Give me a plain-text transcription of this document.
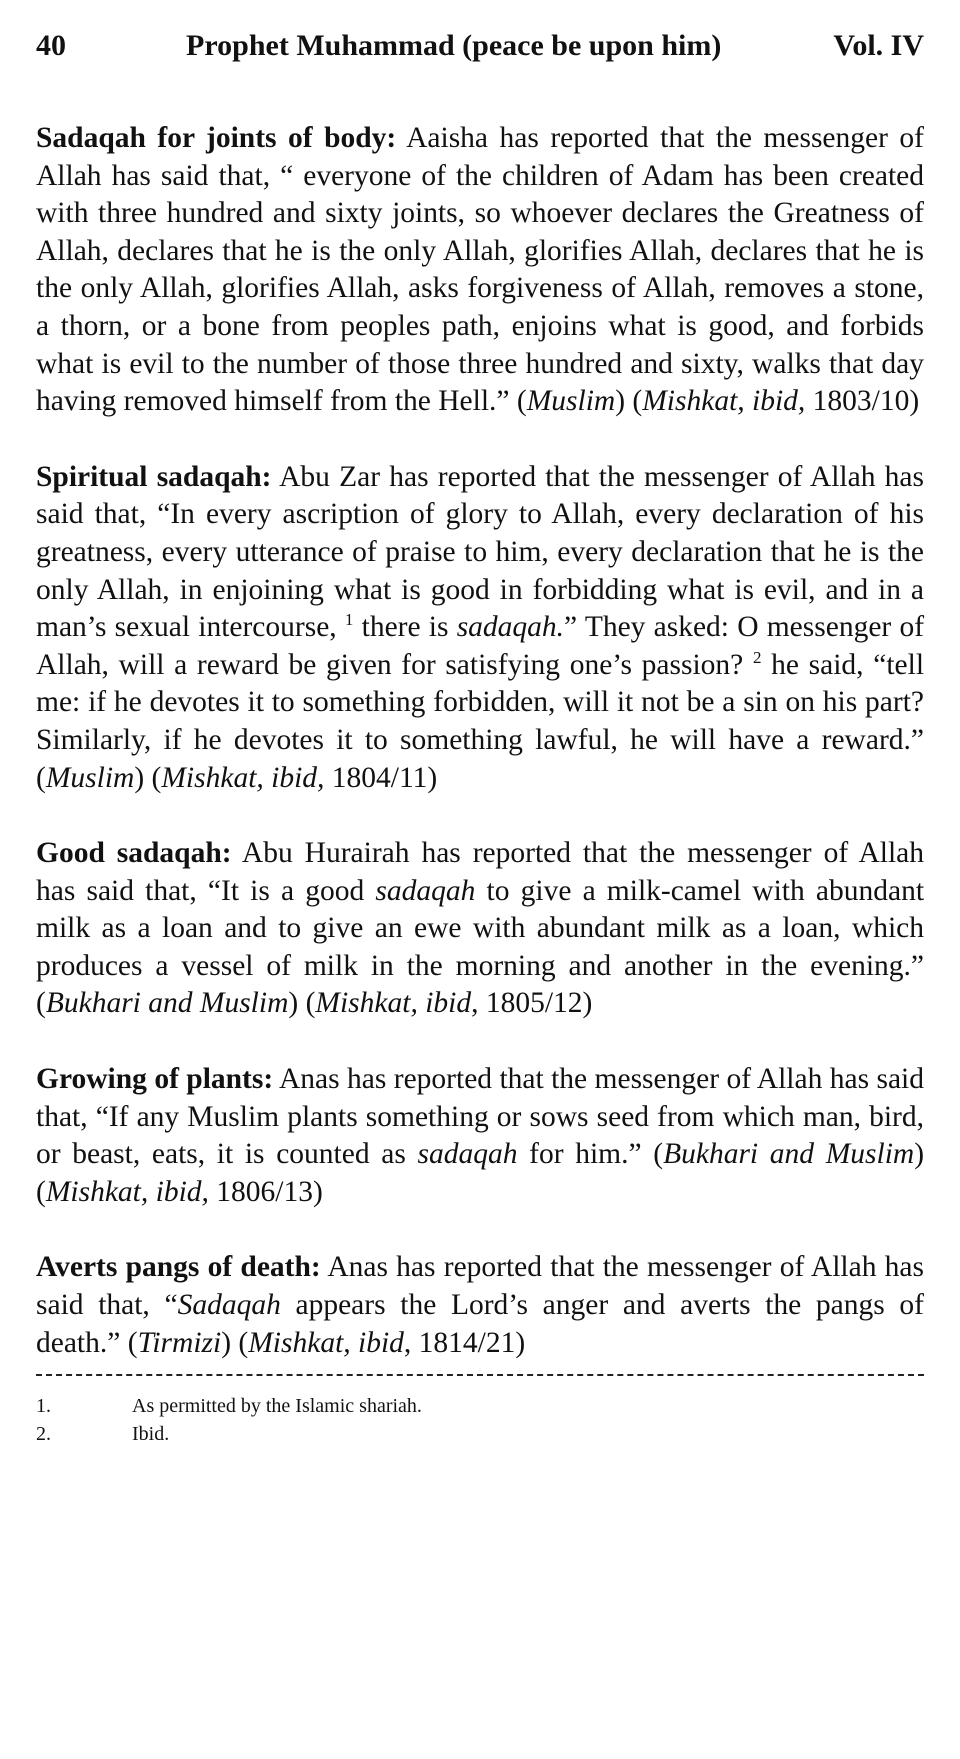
40	Prophet Muhammad (peace be upon him)	Vol. IV

Sadaqah for joints of body: Aaisha has reported that the messenger of Allah has said that, “ everyone of the children of Adam has been created with three hundred and sixty joints, so whoever declares the Greatness of Allah, declares that he is the only Allah, glorifies Allah, declares that he is the only Allah, glorifies Allah, asks forgiveness of Allah, removes a stone, a thorn, or a bone from peoples path, enjoins what is good, and forbids what is evil to the number of those three hundred and sixty, walks that day having removed himself from the Hell.” (Muslim) (Mishkat, ibid, 1803/10)

Spiritual sadaqah: Abu Zar has reported that the messenger of Allah has said that, “In every ascription of glory to Allah, every declaration of his greatness, every utterance of praise to him, every declaration that he is the only Allah, in enjoining what is good in forbidding what is evil, and in a man’s sexual intercourse, $^1$ there is sadaqah.” They asked: O messenger of Allah, will a reward be given for satisfying one’s passion? $^2$ he said, “tell me: if he devotes it to something forbidden, will it not be a sin on his part? Similarly, if he devotes it to something lawful, he will have a reward.” (Muslim) (Mishkat, ibid, 1804/11)

Good sadaqah: Abu Hurairah has reported that the messenger of Allah has said that, “It is a good sadaqah to give a milk-camel with abundant milk as a loan and to give an ewe with abundant milk as a loan, which produces a vessel of milk in the morning and another in the evening.” (Bukhari and Muslim) (Mishkat, ibid, 1805/12)

Growing of plants: Anas has reported that the messenger of Allah has said that, “If any Muslim plants something or sows seed from which man, bird, or beast, eats, it is counted as sadaqah for him.” (Bukhari and Muslim) (Mishkat, ibid, 1806/13)

Averts pangs of death: Anas has reported that the messenger of Allah has said that, “Sadaqah appears the Lord’s anger and averts the pangs of death.” (Tirmizi) (Mishkat, ibid, 1814/21)

1.	As permitted by the Islamic shariah.
2.	Ibid.
